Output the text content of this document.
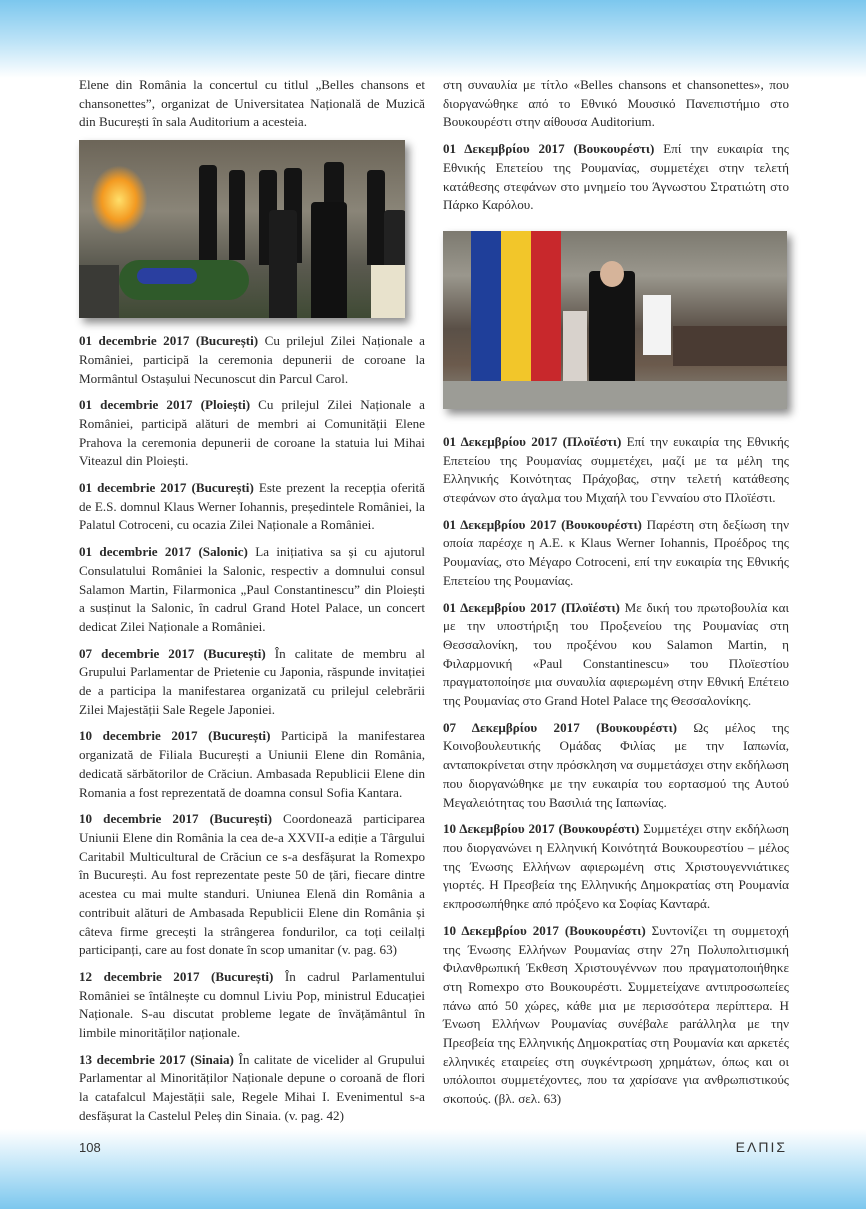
Elene din România la concertul cu titlul „Belles chansons et chansonettes”, organizat de Universitatea Națională de Muzică din București în sala Auditorium a acesteia.

01 decembrie 2017 (București) Cu prilejul Zilei Naționale a României, participă la ceremonia depunerii de coroane la Mormântul Ostașului Necunoscut din Parcul Carol.

01 decembrie 2017 (Ploiești) Cu prilejul Zilei Naționale a României, participă alături de membri ai Comunității Elene Prahova la ceremonia depunerii de coroane la statuia lui Mihai Viteazul din Ploiești.

01 decembrie 2017 (București) Este prezent la recepția oferită de E.S. domnul Klaus Werner Iohannis, președintele României, la Palatul Cotroceni, cu ocazia Zilei Naționale a României.

01 decembrie 2017 (Salonic) La inițiativa sa și cu ajutorul Consulatului României la Salonic, respectiv a domnului consul Salamon Martin, Filarmonica „Paul Constantinescu” din Ploiești a susținut la Salonic, în cadrul Grand Hotel Palace, un concert dedicat Zilei Naționale a României.

07 decembrie 2017 (București) În calitate de membru al Grupului Parlamentar de Prietenie cu Japonia, răspunde invitației de a participa la manifestarea organizată cu prilejul celebrării Zilei Majestății Sale Regele Japoniei.

10 decembrie 2017 (București) Participă la manifestarea organizată de Filiala București a Uniunii Elene din România, dedicată sărbătorilor de Crăciun. Ambasada Republicii Elene din Romania a fost reprezentată de doamna consul Sofia Kantara.

10 decembrie 2017 (București) Coordonează participarea Uniunii Elene din România la cea de-a XXVII-a ediție a Târgului Caritabil Multicultural de Crăciun ce s-a desfășurat la Romexpo în București. Au fost reprezentate peste 50 de țări, fiecare dintre acestea cu mai multe standuri. Uniunea Elenă din România a contribuit alături de Ambasada Republicii Elene din România și câteva firme grecești la strângerea fondurilor, ca toți ceilalți participanți, care au fost donate în scop umanitar (v. pag. 63)

12 decembrie 2017 (București) În cadrul Parlamentului României se întâlnește cu domnul Liviu Pop, ministrul Educației Naționale. S-au discutat probleme legate de învățământul în limbile minorităților naționale.

13 decembrie 2017 (Sinaia) În calitate de vicelider al Grupului Parlamentar al Minorităților Naționale depune o coroană de flori la catafalcul Majestății sale, Regele Mihai I. Evenimentul s-a desfășurat la Castelul Peleș din Sinaia. (v. pag. 42)

στη συναυλία με τίτλο «Belles chansons et chansonettes», που διοργανώθηκε από το Εθνικό Μουσικό Πανεπιστήμιο στο Βουκουρέστι στην αίθουσα Auditorium.

01 Δεκεμβρίου 2017 (Βουκουρέστι) Επί την ευκαιρία της Εθνικής Επετείου της Ρουμανίας, συμμετέχει στην τελετή κατάθεσης στεφάνων στο μνημείο του Άγνωστου Στρατιώτη στο Πάρκο Καρόλου.

01 Δεκεμβρίου 2017 (Πλοϊέστι) Επί την ευκαιρία της Εθνικής Επετείου της Ρουμανίας συμμετέχει, μαζί με τα μέλη της Ελληνικής Κοινότητας Πράχοβας, στην τελετή κατάθεσης στεφάνων στο άγαλμα του Μιχαήλ του Γενναίου στο Πλοϊέστι.

01 Δεκεμβρίου 2017 (Βουκουρέστι) Παρέστη στη δεξίωση την οποία παρέσχε η Α.Ε. κ Klaus Werner Iohannis, Προέδρος της Ρουμανίας, στο Μέγαρο Cotroceni, επί την ευκαιρία της Εθνικής Επετείου της Ρουμανίας.

01 Δεκεμβρίου 2017 (Πλοϊέστι) Με δική του πρωτοβουλία και με την υποστήριξη του Προξενείου της Ρουμανίας στη Θεσσαλονίκη, του προξένου κου Salamon Martin, η Φιλαρμονική «Paul Constantinescu» του Πλοϊεστίου πραγματοποίησε μια συναυλία αφιερωμένη στην Εθνική Επέτειο της Ρουμανίας στο Grand Hotel Palace της Θεσσαλονίκης.

07 Δεκεμβρίου 2017 (Βουκουρέστι) Ως μέλος της Κοινοβουλευτικής Ομάδας Φιλίας με την Ιαπωνία, ανταποκρίνεται στην πρόσκληση να συμμετάσχει στην εκδήλωση που διοργανώθηκε με την ευκαιρία του εορτασμού της Αυτού Μεγαλειότητας του Βασιλιά της Ιαπωνίας.

10 Δεκεμβρίου 2017 (Βουκουρέστι) Συμμετέχει στην εκδήλωση που διοργανώνει η Ελληνική Κοινότητά Βουκουρεστίου – μέλος της Ένωσης Ελλήνων αφιερωμένη στις Χριστουγεννιάτικες γιορτές. Η Πρεσβεία της Ελληνικής Δημοκρατίας στη Ρουμανία εκπροσωπήθηκε από πρόξενο κα Σοφίας Κανταρά.

10 Δεκεμβρίου 2017 (Βουκουρέστι) Συντονίζει τη συμμετοχή της Ένωσης Ελλήνων Ρουμανίας στην 27η Πολυπολιτισμική Φιλανθρωπική Έκθεση Χριστουγέννων που πραγματοποιήθηκε στη Romexpo στο Βουκουρέστι. Συμμετείχανε αντιπροσωπείες πάνω από 50 χώρες, κάθε μια με περισσότερα περίπτερα. Η Ένωση Ελλήνων Ρουμανίας συνέβαλε parάλληλα με την Πρεσβεία της Ελληνικής Δημοκρατίας στη Ρουμανία και αρκετές ελληνικές εταιρείες στη συγκέντρωση χρημάτων, όπως και οι υπόλοιποι συμμετέχοντες, που τα χαρίσανε για ανθρωπιστικούς σκοπούς. (βλ. σελ. 63)

108	ΕΛΠΙΣ
